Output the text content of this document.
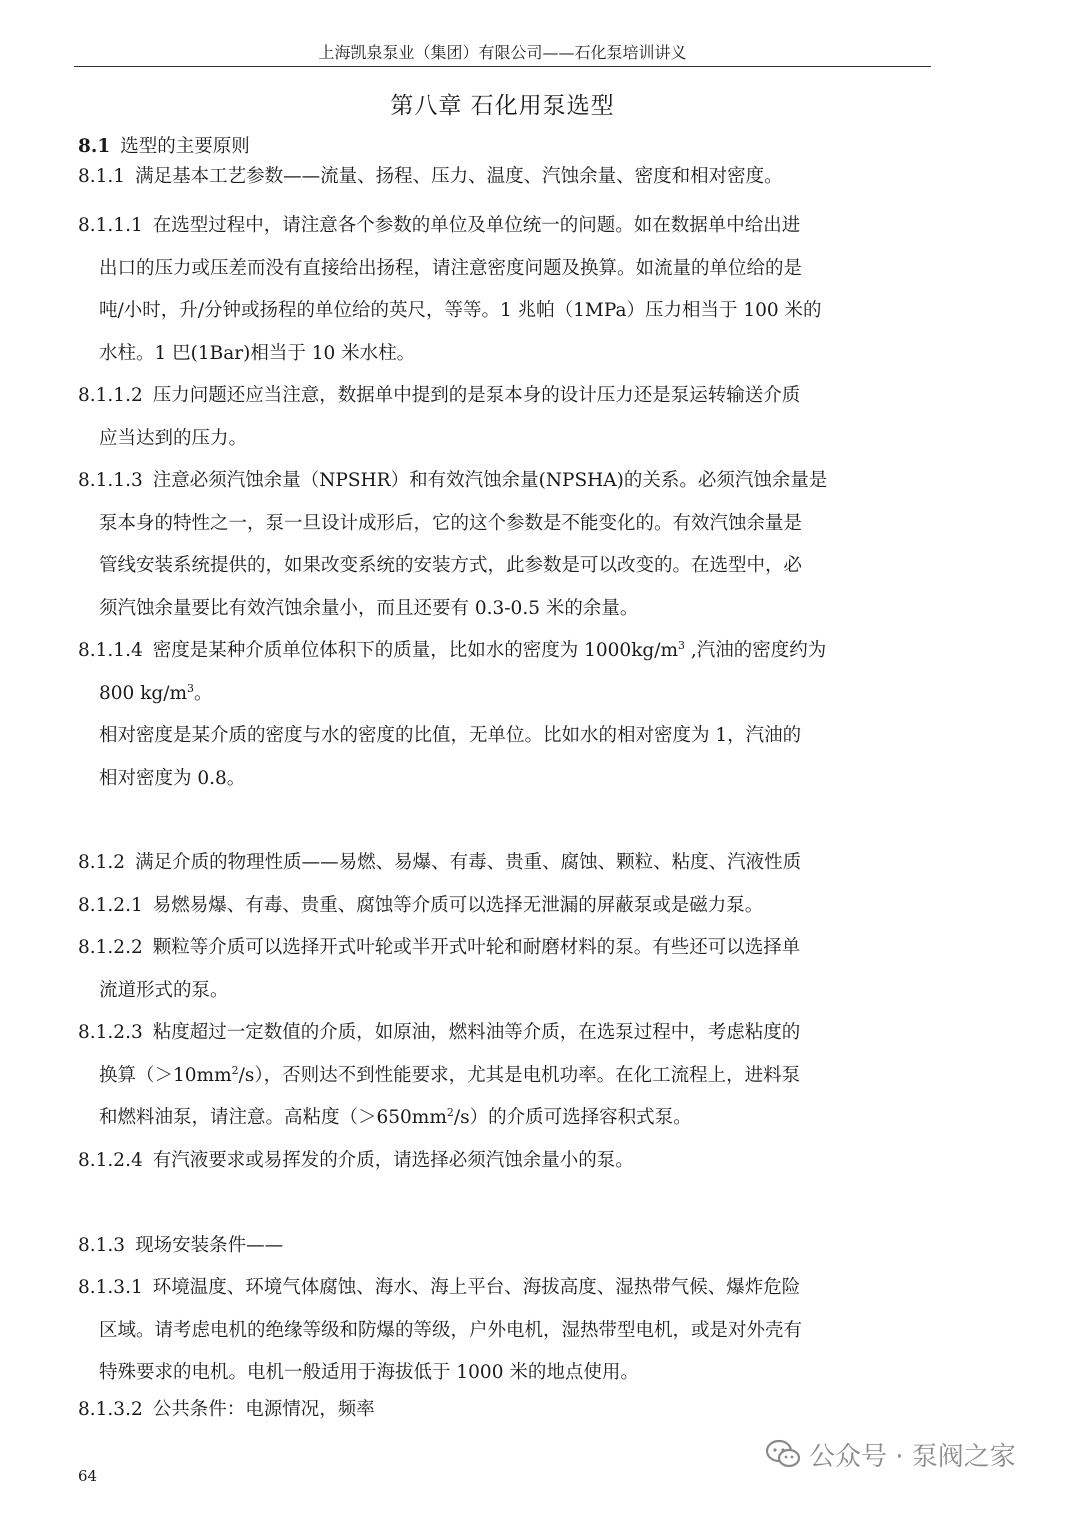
上海凯泉泵业（集团）有限公司——石化泵培训讲义
第八章 石化用泵选型
8.1 选型的主要原则
8.1.1 满足基本工艺参数——流量、扬程、压力、温度、汽蚀余量、密度和相对密度。
8.1.1.1 在选型过程中，请注意各个参数的单位及单位统一的问题。如在数据单中给出进
出口的压力或压差而没有直接给出扬程，请注意密度问题及换算。如流量的单位给的是
吨/小时，升/分钟或扬程的单位给的英尺，等等。1 兆帕（1MPa）压力相当于 100 米的
水柱。1 巴(1Bar)相当于 10 米水柱。
8.1.1.2 压力问题还应当注意，数据单中提到的是泵本身的设计压力还是泵运转输送介质
应当达到的压力。
8.1.1.3 注意必须汽蚀余量（NPSHR）和有效汽蚀余量(NPSHA)的关系。必须汽蚀余量是
泵本身的特性之一，泵一旦设计成形后，它的这个参数是不能变化的。有效汽蚀余量是
管线安装系统提供的，如果改变系统的安装方式，此参数是可以改变的。在选型中，必
须汽蚀余量要比有效汽蚀余量小，而且还要有 0.3-0.5 米的余量。
8.1.1.4 密度是某种介质单位体积下的质量，比如水的密度为 $1000kg/m^3$ ,汽油的密度约为
800 $kg/m^3$。
相对密度是某介质的密度与水的密度的比值，无单位。比如水的相对密度为 1，汽油的
相对密度为 0.8。
8.1.2 满足介质的物理性质——易燃、易爆、有毒、贵重、腐蚀、颗粒、粘度、汽液性质
8.1.2.1 易燃易爆、有毒、贵重、腐蚀等介质可以选择无泄漏的屏蔽泵或是磁力泵。
8.1.2.2 颗粒等介质可以选择开式叶轮或半开式叶轮和耐磨材料的泵。有些还可以选择单
流道形式的泵。
8.1.2.3 粘度超过一定数值的介质，如原油，燃料油等介质，在选泵过程中，考虑粘度的
换算$(>10mm^2/s)$，否则达不到性能要求，尤其是电机功率。在化工流程上，进料泵
和燃料油泵，请注意。高粘度$(>650mm^2/s)$的介质可选择容积式泵。
8.1.2.4 有汽液要求或易挥发的介质，请选择必须汽蚀余量小的泵。
8.1.3 现场安装条件——
8.1.3.1 环境温度、环境气体腐蚀、海水、海上平台、海拔高度、湿热带气候、爆炸危险
区域。请考虑电机的绝缘等级和防爆的等级，户外电机，湿热带型电机，或是对外壳有
特殊要求的电机。电机一般适用于海拔低于 1000 米的地点使用。
8.1.3.2 公共条件：电源情况，频率
64
公众号 · 泵阀之家
